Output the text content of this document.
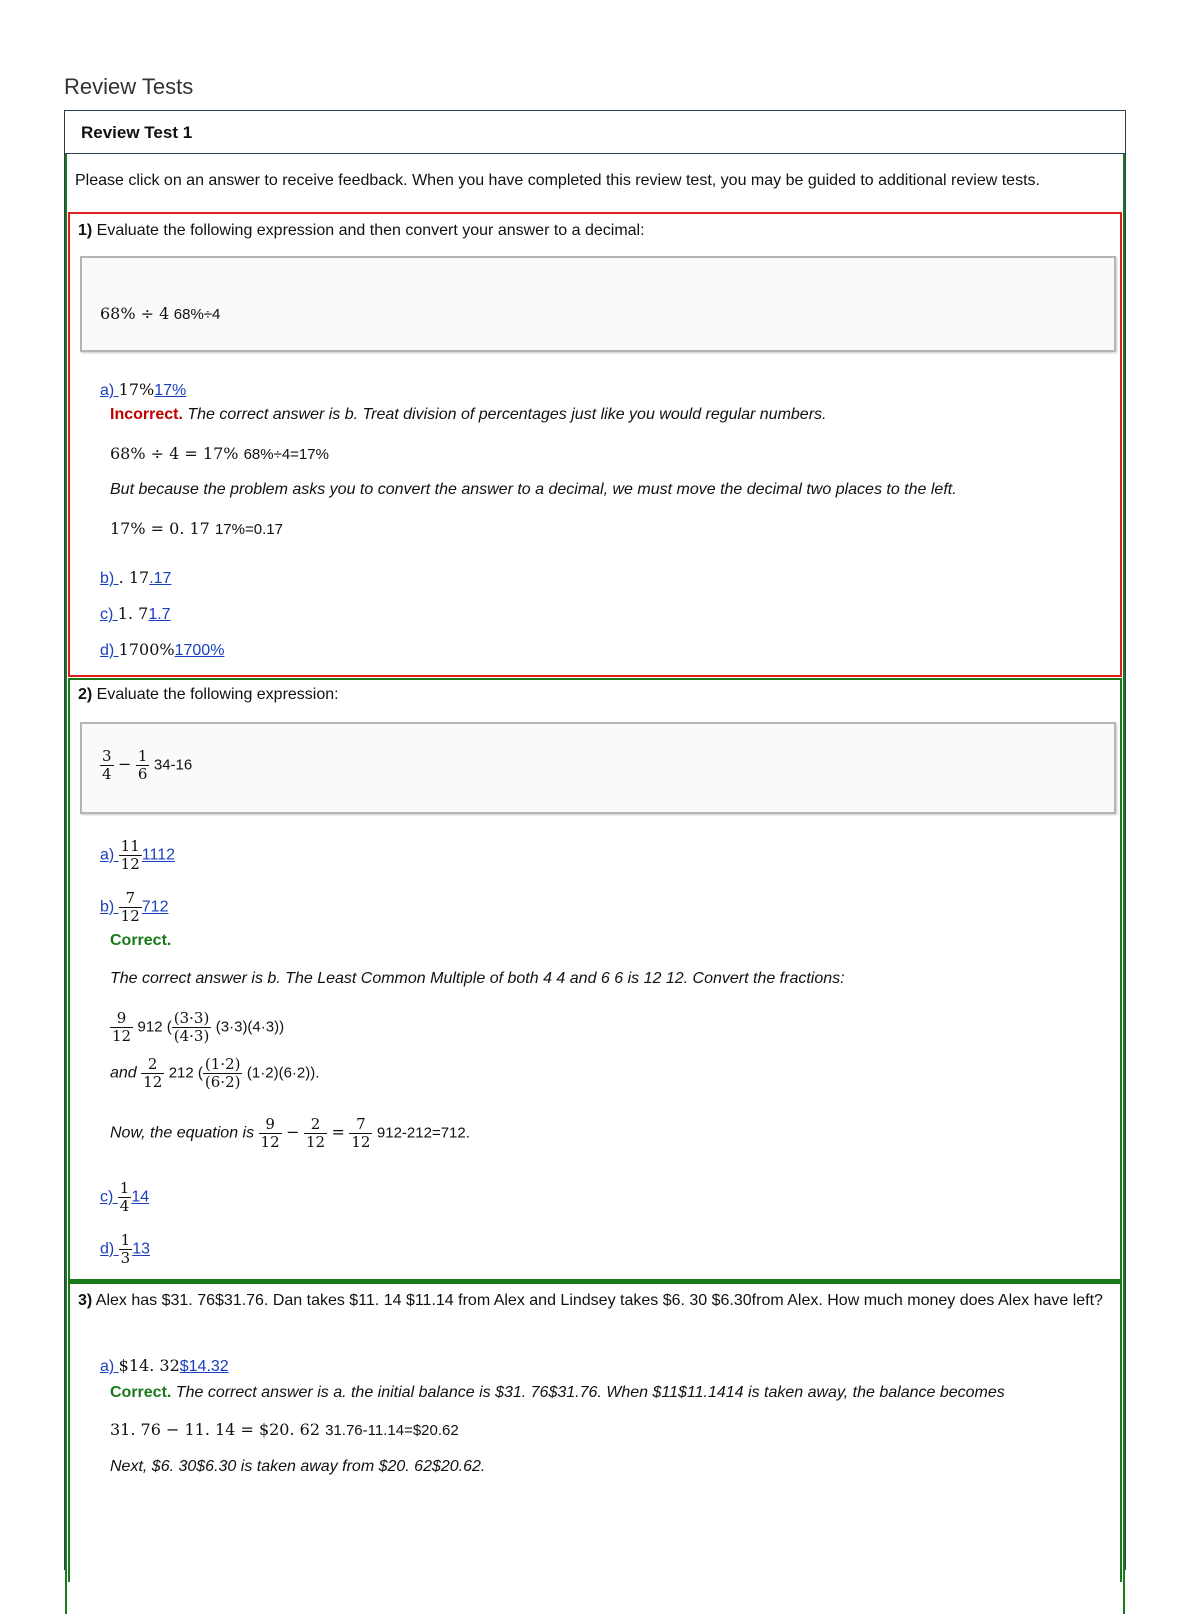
Review Tests
Review Test 1
Please click on an answer to receive feedback. When you have completed this review test, you may be guided to additional review tests.
1) Evaluate the following expression and then convert your answer to a decimal:
68% ÷ 4 68%÷4
a) 17%17%
Incorrect. The correct answer is b. Treat division of percentages just like you would regular numbers.
68% ÷ 4 = 17% 68%÷4=17%
But because the problem asks you to convert the answer to a decimal, we must move the decimal two places to the left.
17% = 0. 17 17%=0.17
b) . 17.17
c) 1. 71.7
d) 1700%1700%
2) Evaluate the following expression:
$\frac{3}{4} - \frac{1}{6} 34-16$
$a) \frac{11}{12} 1112$
$b) \frac{7}{12} 712$
Correct.
The correct answer is b. The Least Common Multiple of both 4 4 and 6 6 is 12 12. Convert the fractions:
$\frac{9}{12} 912$ ( $\frac{(3\cdot 3)}{(4\cdot 3)} (3\cdot 3)(4\cdot 3)$)
and $\frac{2}{12} 212$ ( $\frac{(1\cdot 2)}{(6\cdot 2)} (1\cdot 2)(6\cdot 2)$).
Now, the equation is $\frac{9}{12} - \frac{2}{12} = \frac{7}{12} 912-212=712$.
$c) \frac{1}{4} 14$
$d) \frac{1}{3} 13$
3) Alex has $31. 76$31.76. Dan takes $11. 14 $11.14 from Alex and Lindsey takes $6. 30 $6.30from Alex. How much money does Alex have left?
a) $14. 32$14.32
Correct. The correct answer is a. the initial balance is $31. 76$31.76. When $11$11.1414 is taken away, the balance becomes
31. 76 − 11. 14 = $20. 62 31.76-11.14=$20.62
Next, $6. 30$6.30 is taken away from $20. 62$20.62.
